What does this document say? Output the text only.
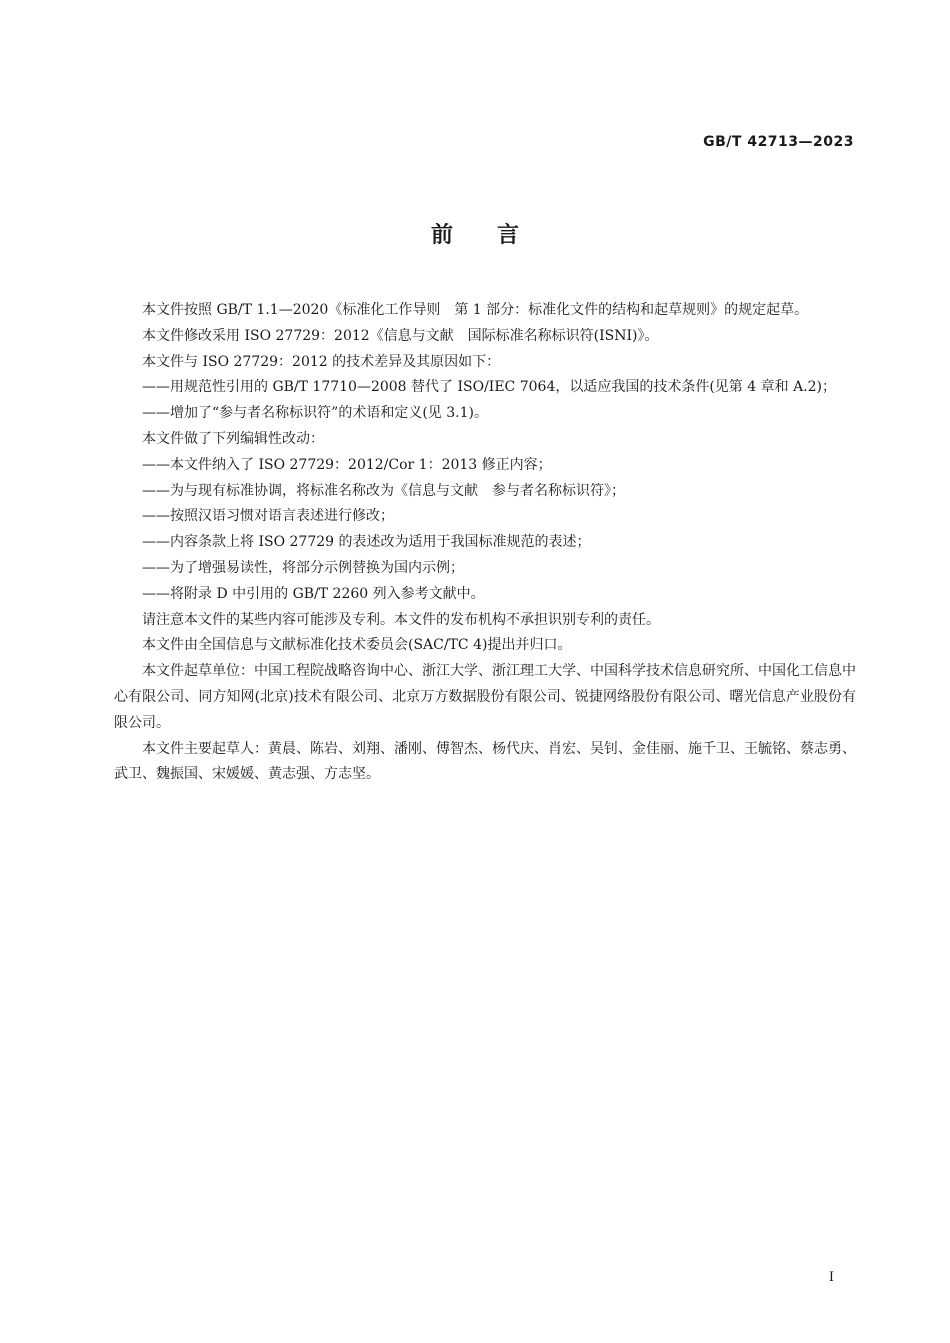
GB/T 42713—2023
前言

本文件按照 GB/T 1.1—2020《标准化工作导则　第 1 部分：标准化文件的结构和起草规则》的规定起草。

本文件修改采用 ISO 27729：2012《信息与文献　国际标准名称标识符(ISNI)》。

本文件与 ISO 27729：2012 的技术差异及其原因如下：

——用规范性引用的 GB/T 17710—2008 替代了 ISO/IEC 7064，以适应我国的技术条件(见第 4 章和 A.2)；

——增加了“参与者名称标识符”的术语和定义(见 3.1)。

本文件做了下列编辑性改动：

——本文件纳入了 ISO 27729：2012/Cor 1：2013 修正内容；

——为与现有标准协调，将标准名称改为《信息与文献　参与者名称标识符》；

——按照汉语习惯对语言表述进行修改；

——内容条款上将 ISO 27729 的表述改为适用于我国标准规范的表述；

——为了增强易读性，将部分示例替换为国内示例；

——将附录 D 中引用的 GB/T 2260 列入参考文献中。

请注意本文件的某些内容可能涉及专利。本文件的发布机构不承担识别专利的责任。

本文件由全国信息与文献标准化技术委员会(SAC/TC 4)提出并归口。

本文件起草单位：中国工程院战略咨询中心、浙江大学、浙江理工大学、中国科学技术信息研究所、中国化工信息中心有限公司、同方知网(北京)技术有限公司、北京万方数据股份有限公司、锐捷网络股份有限公司、曙光信息产业股份有限公司。

本文件主要起草人：黄晨、陈岩、刘翔、潘刚、傅智杰、杨代庆、肖宏、吴钊、金佳丽、施千卫、王毓铭、蔡志勇、武卫、魏振国、宋媛媛、黄志强、方志坚。

I
